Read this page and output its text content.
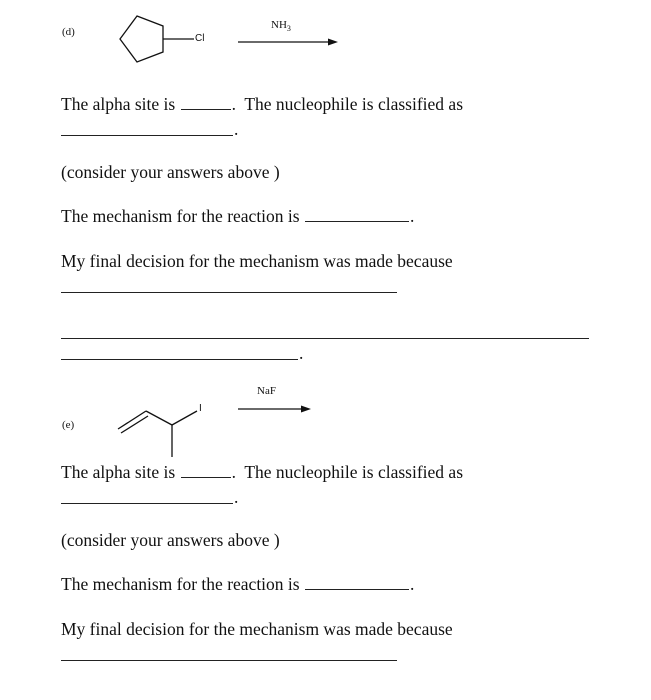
(d)
Cl
$NH_3$
The alpha site is	. The nucleophile is classified as
.
(consider your answers above )
The mechanism for the reaction is	.
My final decision for the mechanism was made because
.
(e)
I
NaF
The alpha site is	. The nucleophile is classified as
.
(consider your answers above )
The mechanism for the reaction is	.
My final decision for the mechanism was made because
